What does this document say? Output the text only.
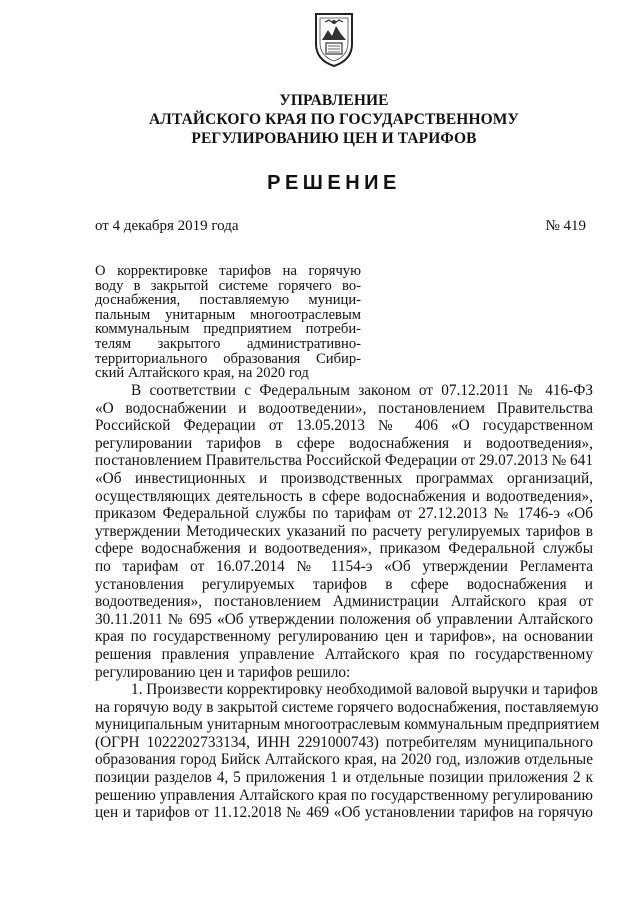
УПРАВЛЕНИЕ
АЛТАЙСКОГО КРАЯ ПО ГОСУДАРСТВЕННОМУ
РЕГУЛИРОВАНИЮ ЦЕН И ТАРИФОВ
РЕШЕНИЕ
от 4 декабря 2019 года	№ 419
О корректировке тарифов на горячую
воду в закрытой системе горячего во-
доснабжения, поставляемую муници-
пальным унитарным многоотраслевым
коммунальным предприятием потреби-
телям закрытого административно-
территориального образования Сибир-
ский Алтайского края, на 2020 год
В соответствии с Федеральным законом от 07.12.2011 № 416-ФЗ
«О водоснабжении и водоотведении», постановлением Правительства
Российской Федерации от 13.05.2013 № 406 «О государственном
регулировании тарифов в сфере водоснабжения и водоотведения»,
постановлением Правительства Российской Федерации от 29.07.2013 № 641
«Об инвестиционных и производственных программах организаций,
осуществляющих деятельность в сфере водоснабжения и водоотведения»,
приказом Федеральной службы по тарифам от 27.12.2013 № 1746-э «Об
утверждении Методических указаний по расчету регулируемых тарифов в
сфере водоснабжения и водоотведения», приказом Федеральной службы
по тарифам от 16.07.2014 № 1154-э «Об утверждении Регламента
установления регулируемых тарифов в сфере водоснабжения и
водоотведения», постановлением Администрации Алтайского края от
30.11.2011 № 695 «Об утверждении положения об управлении Алтайского
края по государственному регулированию цен и тарифов», на основании
решения правления управление Алтайского края по государственному
регулированию цен и тарифов решило:
1. Произвести корректировку необходимой валовой выручки и тарифов
на горячую воду в закрытой системе горячего водоснабжения, поставляемую
муниципальным унитарным многоотраслевым коммунальным предприятием
(ОГРН 1022202733134, ИНН 2291000743) потребителям муниципального
образования город Бийск Алтайского края, на 2020 год, изложив отдельные
позиции разделов 4, 5 приложения 1 и отдельные позиции приложения 2 к
решению управления Алтайского края по государственному регулированию
цен и тарифов от 11.12.2018 № 469 «Об установлении тарифов на горячую
